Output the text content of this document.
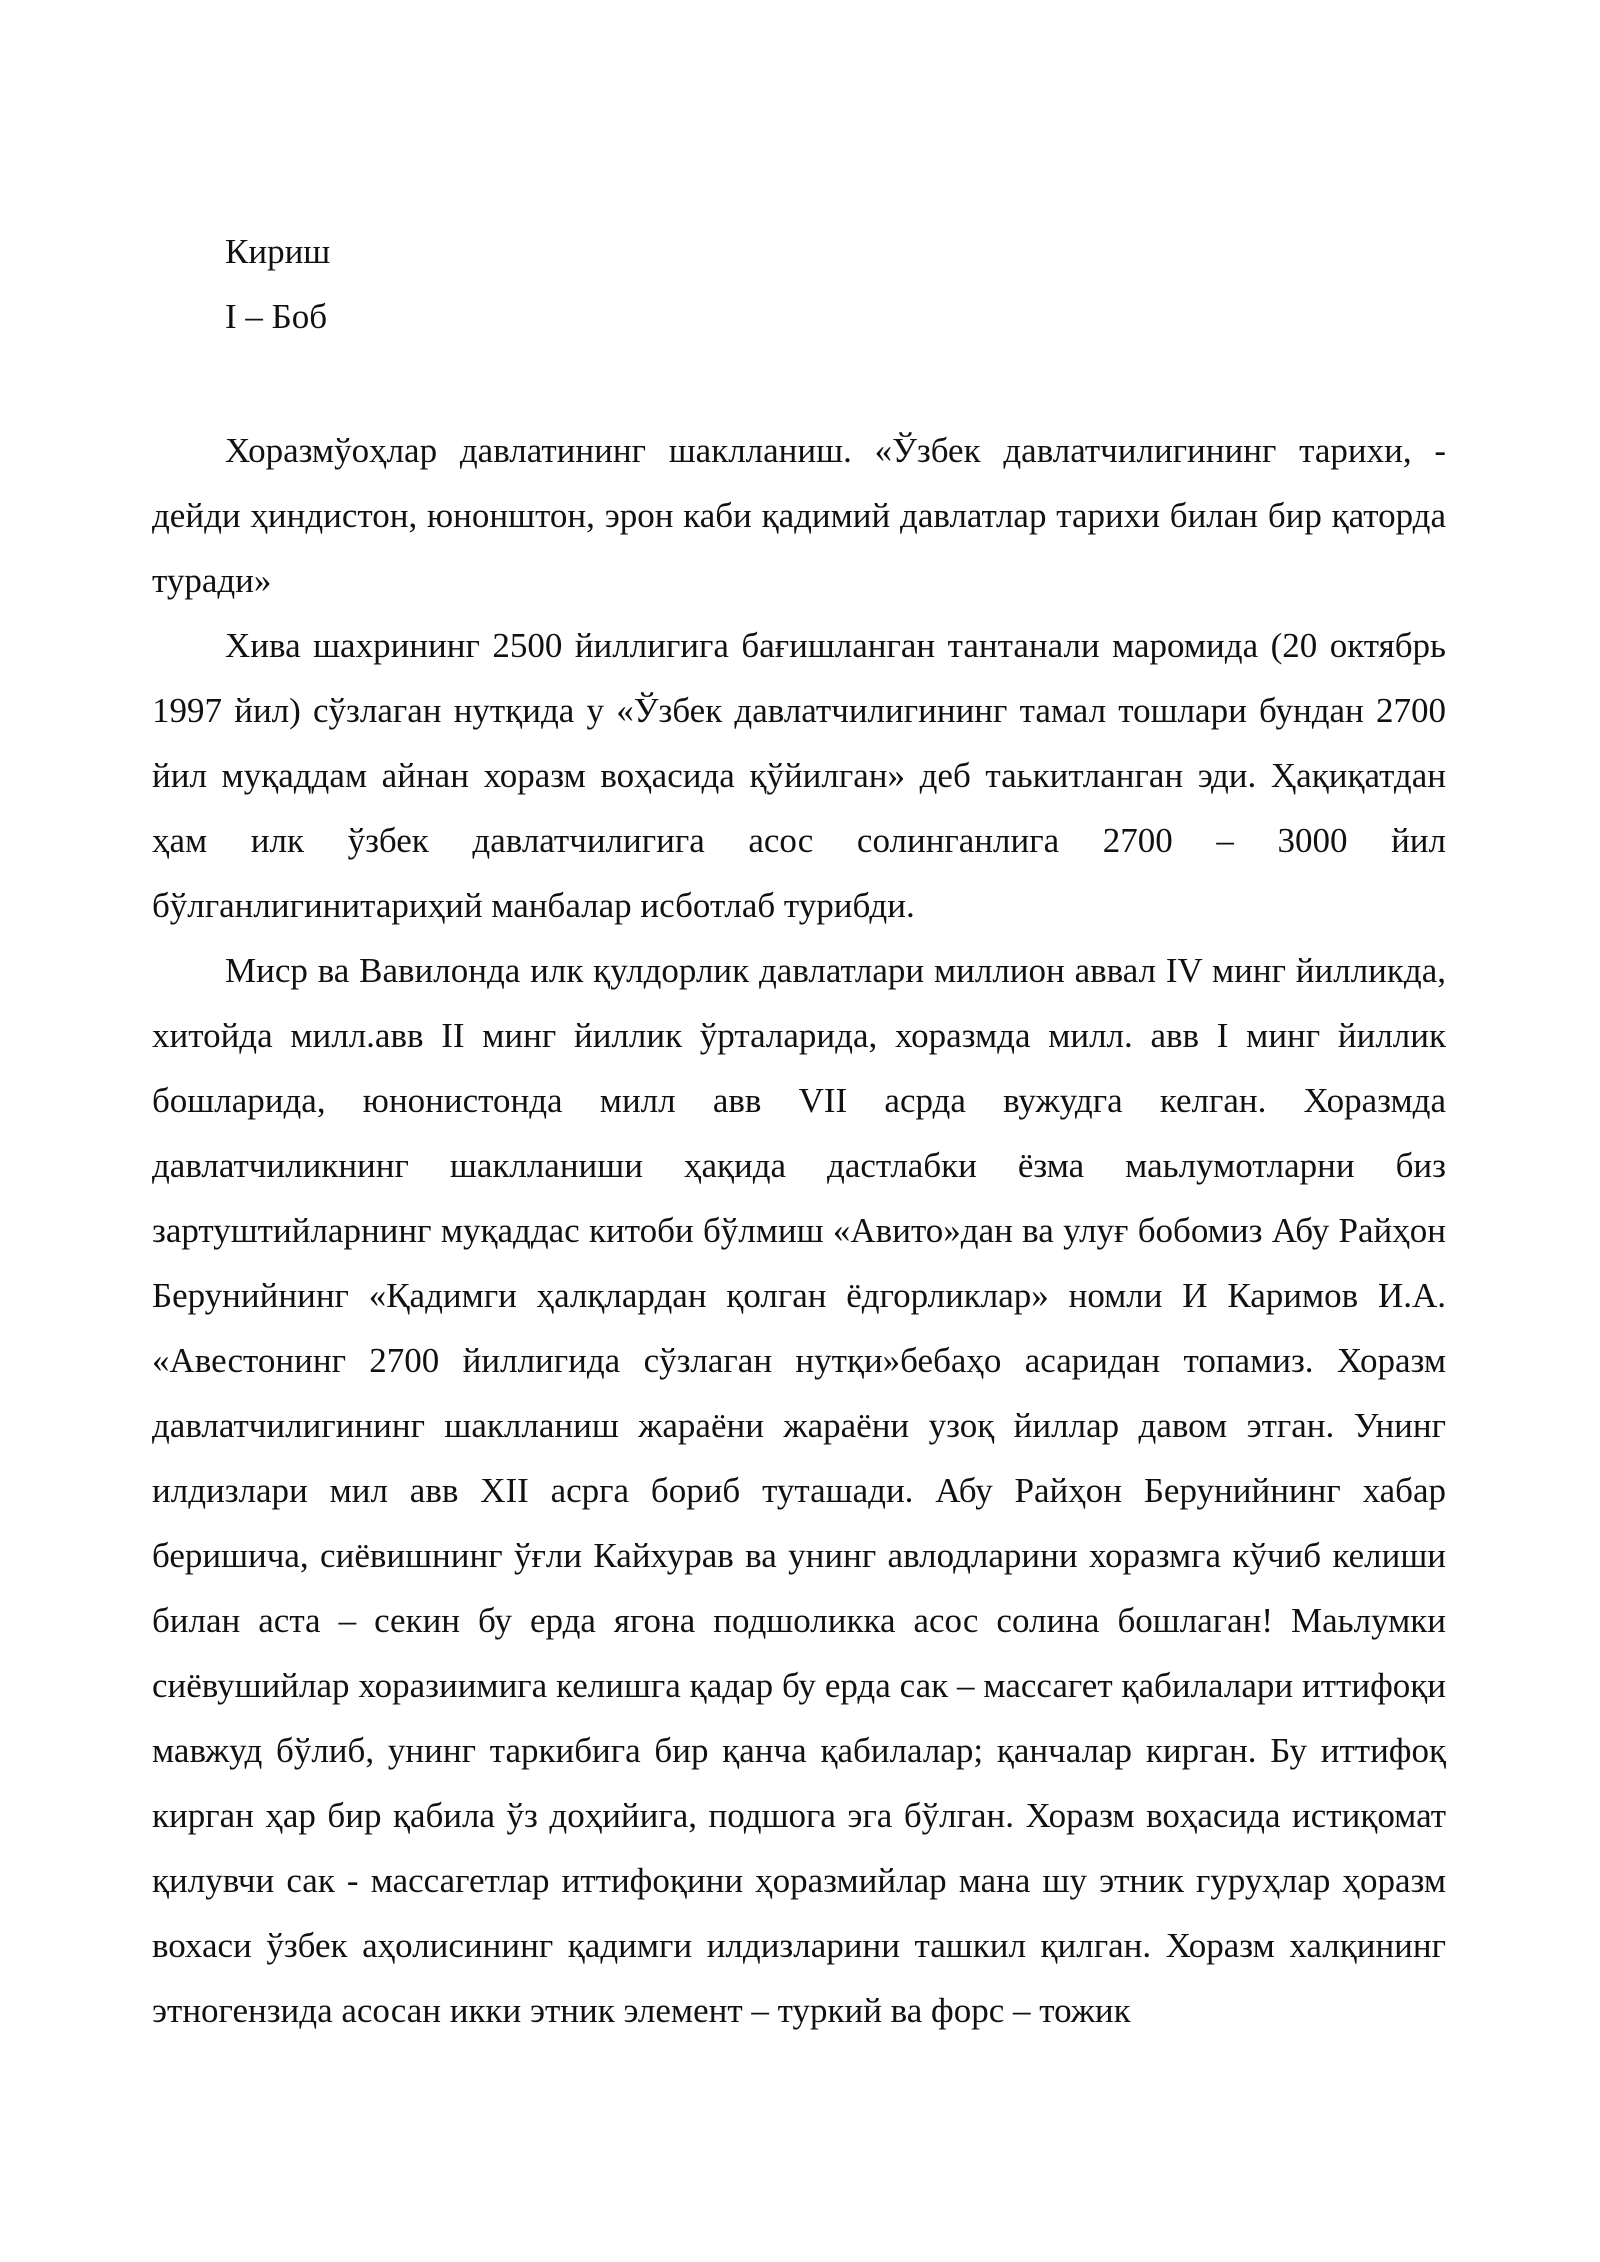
Кириш
I – Боб

Хоразмўоҳлар давлатининг шаклланиш. «Ўзбек давлатчилигининг тарихи, - дейди ҳиндистон, юнонштон, эрон каби қадимий давлатлар тарихи билан бир қаторда туради»

Хива шахрининг 2500 йиллигига бағишланган тантанали маромида (20 октябрь 1997 йил) сўзлаган нутқида у «Ўзбек давлатчилигининг тамал тошлари бундан 2700 йил муқаддам айнан хоразм воҳасида қўйилган» деб таькитланган эди. Ҳақиқатдан ҳам илк ўзбек давлатчилигига асос солинганлига 2700 – 3000 йил бўлганлигинитариҳий манбалар исботлаб турибди.

Миср ва Вавилонда илк қулдорлик давлатлари миллион аввал IV минг йилликда, хитойда милл.авв II минг йиллик ўрталарида, хоразмда милл. авв I минг йиллик бошларида, юнонистонда милл авв VII асрда вужудга келган. Хоразмда давлатчиликнинг шаклланиши ҳақида дастлабки ёзма маьлумотларни биз зартуштийларнинг муқаддас китоби бўлмиш «Авито»дан ва улуғ бобомиз Абу Райҳон Берунийнинг «Қадимги ҳалқлардан қолган ёдгорликлар» номли И Каримов И.А. «Авестонинг 2700 йиллигида сўзлаган нутқи»бебаҳо асаридан топамиз. Хоразм давлатчилигининг шаклланиш жараёни жараёни узоқ йиллар давом этган. Унинг илдизлари мил авв XII асрга бориб туташади. Абу Райҳон Берунийнинг хабар беришича, сиёвишнинг ўғли Кайхурав ва унинг авлодларини хоразмга кўчиб келиши билан аста – секин бу ерда ягона подшоликка асос солина бошлаган! Маьлумки сиёвушийлар хоразиимига келишга қадар бу ерда сак – массагет қабилалари иттифоқи мавжуд бўлиб, унинг таркибига бир қанча қабилалар; қанчалар кирган. Бу иттифоқ кирган ҳар бир қабила ўз доҳийига, подшога эга бўлган. Хоразм воҳасида истиқомат қилувчи сак - массагетлар иттифоқини ҳоразмийлар мана шу этник гуруҳлар ҳоразм вохаси ўзбек аҳолисининг қадимги илдизларини ташкил қилган. Хоразм халқининг этногензида асосан икки этник элемент – туркий ва форс – тожик
